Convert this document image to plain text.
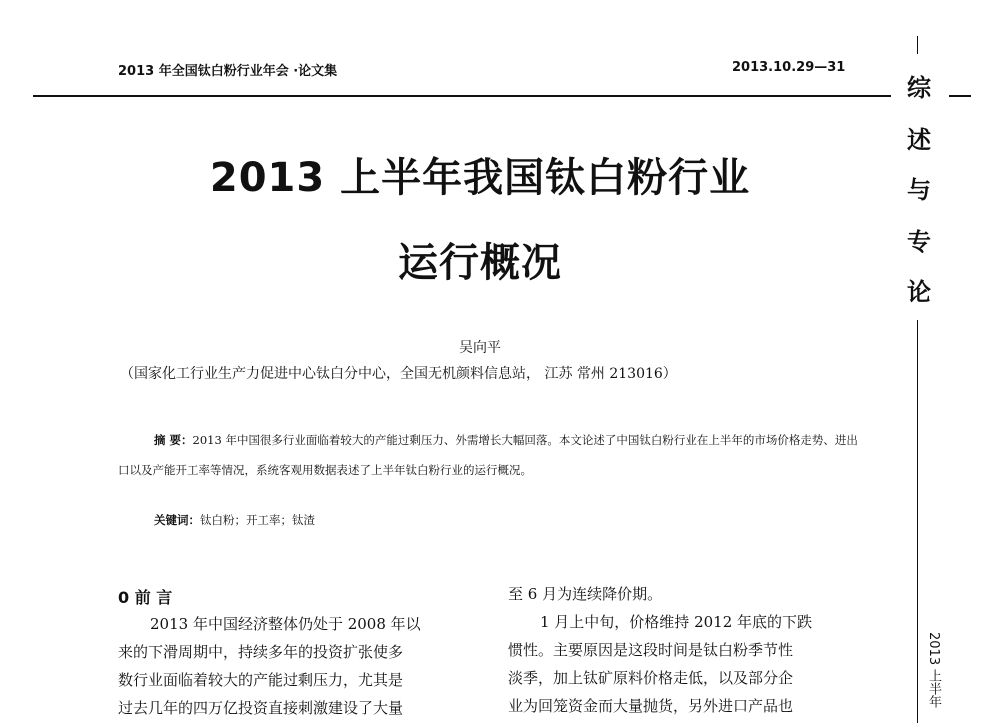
2013 年全国钛白粉行业年会 ·论文集	2013.10.29—31
综
述
与
专
论
2013 上半年
2013 上半年我国钛白粉行业
运行概况
吴向平
（国家化工行业生产力促进中心钛白分中心，全国无机颜料信息站， 江苏 常州 213016）
摘 要：2013 年中国很多行业面临着较大的产能过剩压力、外需增长大幅回落。本文论述了中国钛白粉行业在上半年的市场价格走势、进出口以及产能开工率等情况，系统客观用数据表述了上半年钛白粉行业的运行概况。
关键词：钛白粉；开工率；钛渣
0 前 言
2013 年中国经济整体仍处于 2008 年以
来的下滑周期中，持续多年的投资扩张使多
数行业面临着较大的产能过剩压力，尤其是
过去几年的四万亿投资直接刺激建设了大量
至 6 月为连续降价期。
1 月上中旬，价格维持 2012 年底的下跌
惯性。主要原因是这段时间是钛白粉季节性
淡季，加上钛矿原料价格走低，以及部分企
业为回笼资金而大量抛货，另外进口产品也
